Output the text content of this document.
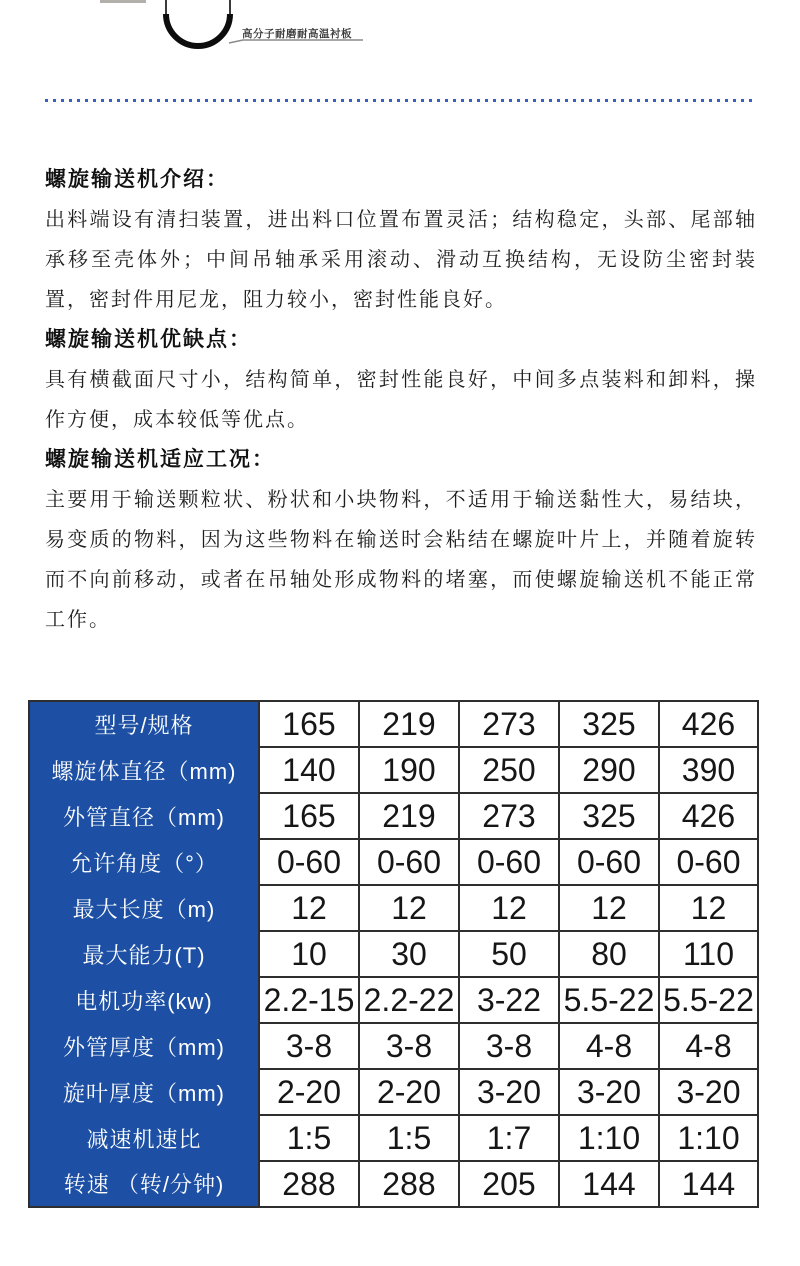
高分子耐磨耐高温衬板
螺旋输送机介绍：

出料端设有清扫装置，进出料口位置布置灵活；结构稳定，头部、尾部轴承移至壳体外；中间吊轴承采用滚动、滑动互换结构，无设防尘密封装置，密封件用尼龙，阻力较小，密封性能良好。

螺旋输送机优缺点：

具有横截面尺寸小，结构简单，密封性能良好，中间多点装料和卸料，操作方便，成本较低等优点。

螺旋输送机适应工况：

主要用于输送颗粒状、粉状和小块物料，不适用于输送黏性大，易结块，易变质的物料，因为这些物料在输送时会粘结在螺旋叶片上，并随着旋转而不向前移动，或者在吊轴处形成物料的堵塞，而使螺旋输送机不能正常工作。

型号/规格	165	219	273	325	426
螺旋体直径（mm)	140	190	250	290	390
外管直径（mm)	165	219	273	325	426
允许角度（°）	0-60	0-60	0-60	0-60	0-60
最大长度（m)	12	12	12	12	12
最大能力(T)	10	30	50	80	110
电机功率(kw)	2.2-15	2.2-22	3-22	5.5-22	5.5-22
外管厚度（mm)	3-8	3-8	3-8	4-8	4-8
旋叶厚度（mm)	2-20	2-20	3-20	3-20	3-20
减速机速比	1:5	1:5	1:7	1:10	1:10
转速 （转/分钟)	288	288	205	144	144
